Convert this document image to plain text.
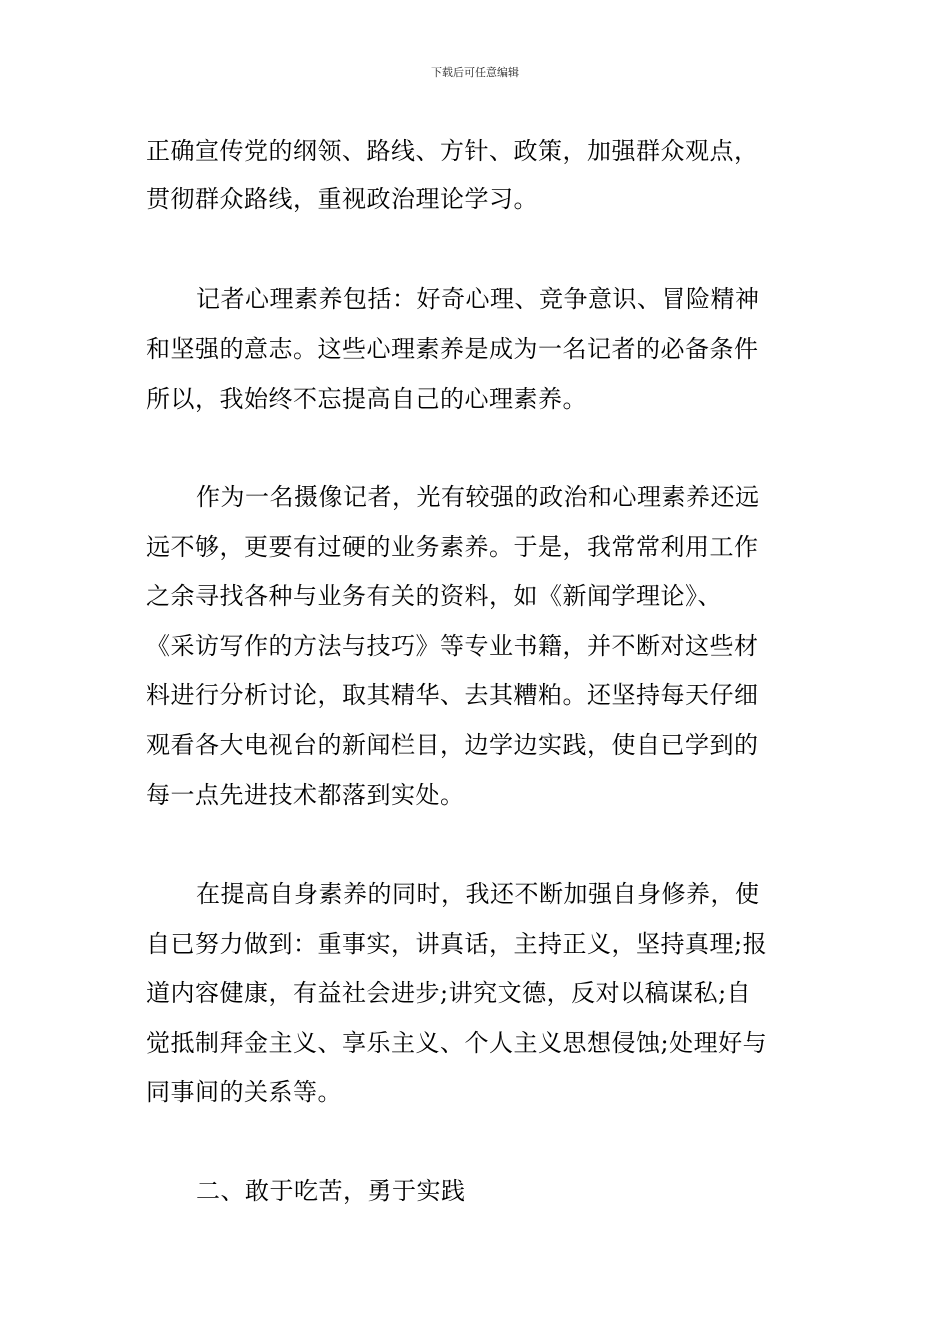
下载后可任意编辑
正确宣传党的纲领、路线、方针、政策，加强群众观点，
贯彻群众路线，重视政治理论学习。
记者心理素养包括：好奇心理、竞争意识、冒险精神
和坚强的意志。这些心理素养是成为一名记者的必备条件
所以，我始终不忘提高自己的心理素养。
作为一名摄像记者，光有较强的政治和心理素养还远
远不够，更要有过硬的业务素养。于是，我常常利用工作
之余寻找各种与业务有关的资料，如《新闻学理论》、
《采访写作的方法与技巧》等专业书籍，并不断对这些材
料进行分析讨论，取其精华、去其糟粕。还坚持每天仔细
观看各大电视台的新闻栏目，边学边实践，使自已学到的
每一点先进技术都落到实处。
在提高自身素养的同时，我还不断加强自身修养，使
自已努力做到：重事实，讲真话，主持正义，坚持真理;报
道内容健康，有益社会进步;讲究文德，反对以稿谋私;自
觉抵制拜金主义、享乐主义、个人主义思想侵蚀;处理好与
同事间的关系等。
二、敢于吃苦，勇于实践
